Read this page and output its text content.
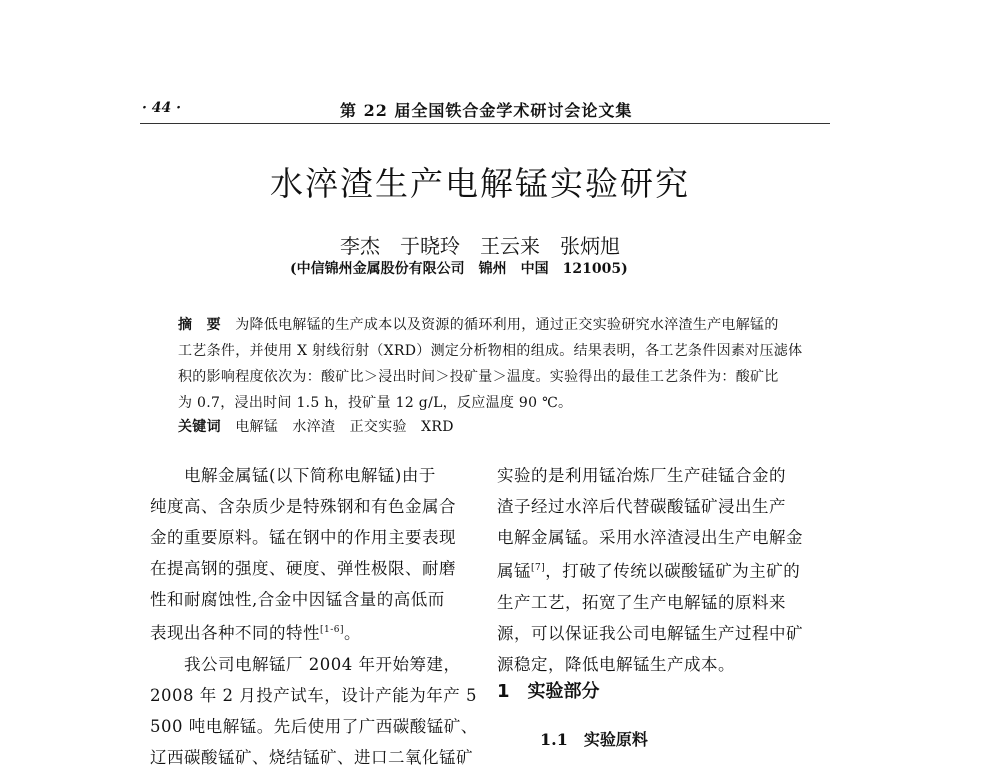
· 44 ·	第 22 届全国铁合金学术研讨会论文集
水淬渣生产电解锰实验研究
李杰　于晓玲　王云来　张炳旭
(中信锦州金属股份有限公司　锦州　中国　121005)
摘　要　 为降低电解锰的生产成本以及资源的循环利用，通过正交实验研究水淬渣生产电解锰的
工艺条件，并使用 X 射线衍射（XRD）测定分析物相的组成。结果表明，各工艺条件因素对压滤体
积的影响程度依次为：酸矿比＞浸出时间＞投矿量＞温度。实验得出的最佳工艺条件为：酸矿比
为 0.7，浸出时间 1.5 h，投矿量 12 g/L，反应温度 90 ℃。
关键词　 电解锰　水淬渣　正交实验　XRD

　　电解金属锰(以下简称电解锰)由于

纯度高、含杂质少是特殊钢和有色金属合

金的重要原料。锰在钢中的作用主要表现

在提高钢的强度、硬度、弹性极限、耐磨

性和耐腐蚀性,合金中因锰含量的高低而

表现出各种不同的特性[1-6]。

　　我公司电解锰厂 2004 年开始筹建，

2008 年 2 月投产试车，设计产能为年产 5

500 吨电解锰。先后使用了广西碳酸锰矿、

辽西碳酸锰矿、烧结锰矿、进口二氧化锰矿

实验的是利用锰冶炼厂生产硅锰合金的

渣子经过水淬后代替碳酸锰矿浸出生产

电解金属锰。采用水淬渣浸出生产电解金

属锰[7]，打破了传统以碳酸锰矿为主矿的

生产工艺，拓宽了生产电解锰的原料来

源，可以保证我公司电解锰生产过程中矿

源稳定，降低电解锰生产成本。

1　 实验部分
1.1　实验原料
